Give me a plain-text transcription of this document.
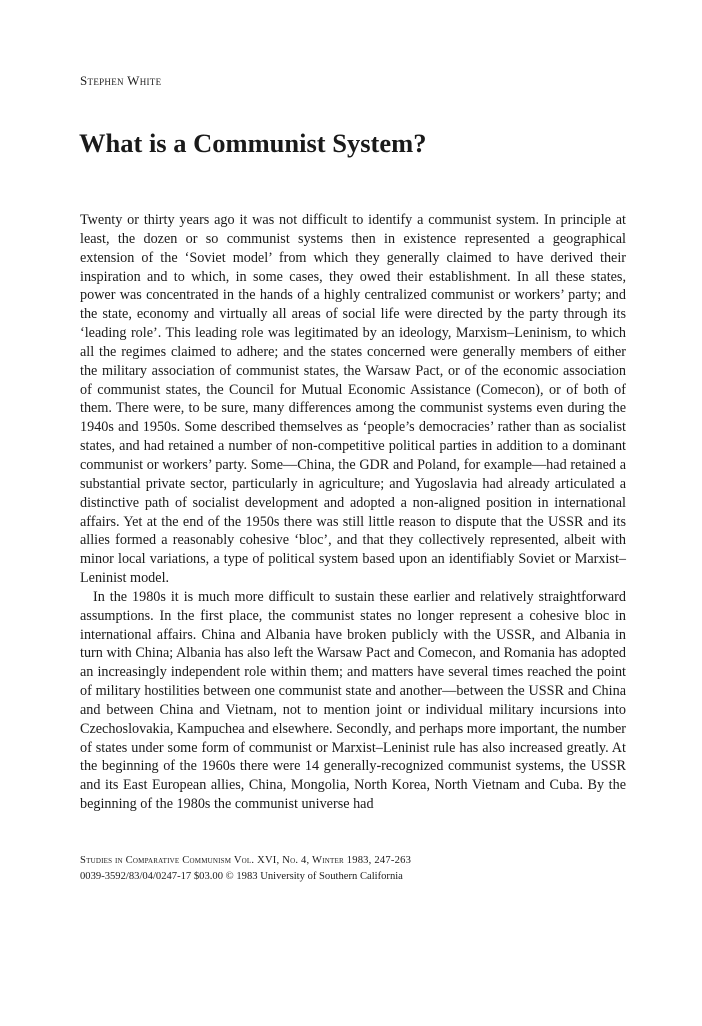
Stephen White
What is a Communist System?

Twenty or thirty years ago it was not difficult to identify a communist system. In principle at least, the dozen or so communist systems then in existence represented a geographical extension of the ‘Soviet model’ from which they generally claimed to have derived their inspiration and to which, in some cases, they owed their establishment. In all these states, power was concentrated in the hands of a highly centralized communist or workers’ party; and the state, economy and virtually all areas of social life were directed by the party through its ‘leading role’. This leading role was legitimated by an ideology, Marxism–Leninism, to which all the regimes claimed to adhere; and the states concerned were generally members of either the military association of communist states, the Warsaw Pact, or of the economic association of communist states, the Council for Mutual Economic Assistance (Comecon), or of both of them. There were, to be sure, many differences among the communist systems even during the 1940s and 1950s. Some described themselves as ‘people’s democracies’ rather than as socialist states, and had retained a number of non-competitive political parties in addition to a dominant communist or workers’ party. Some—China, the GDR and Poland, for example—had retained a substantial private sector, particularly in agriculture; and Yugoslavia had already articulated a distinctive path of socialist development and adopted a non-aligned position in international affairs. Yet at the end of the 1950s there was still little reason to dispute that the USSR and its allies formed a reasonably cohesive ‘bloc’, and that they collectively represented, albeit with minor local variations, a type of political system based upon an identifiably Soviet or Marxist–Leninist model.

In the 1980s it is much more difficult to sustain these earlier and relatively straightforward assumptions. In the first place, the communist states no longer represent a cohesive bloc in international affairs. China and Albania have broken publicly with the USSR, and Albania in turn with China; Albania has also left the Warsaw Pact and Comecon, and Romania has adopted an increasingly independent role within them; and matters have several times reached the point of military hostilities between one communist state and another—between the USSR and China and between China and Vietnam, not to mention joint or individual military incursions into Czechoslovakia, Kampuchea and elsewhere. Secondly, and perhaps more important, the number of states under some form of communist or Marxist–Leninist rule has also increased greatly. At the beginning of the 1960s there were 14 generally-recognized communist systems, the USSR and its East European allies, China, Mongolia, North Korea, North Vietnam and Cuba. By the beginning of the 1980s the communist universe had

Studies in Comparative Communism Vol. XVI, No. 4, Winter 1983, 247-263
0039-3592/83/04/0247-17 $03.00 © 1983 University of Southern California
